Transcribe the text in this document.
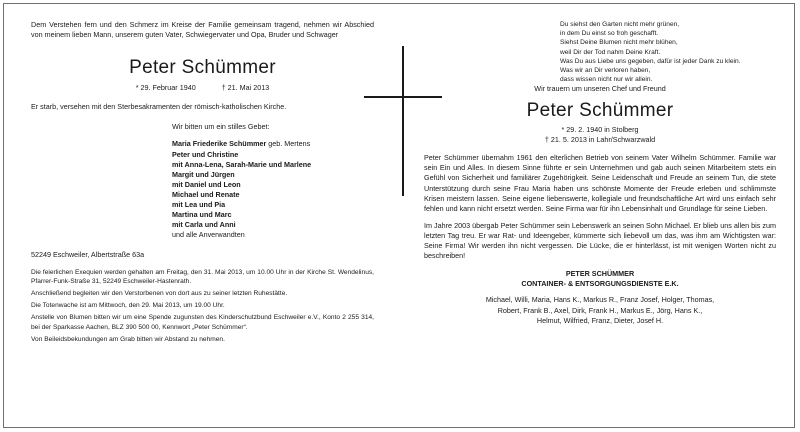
Dem Verstehen fern und den Schmerz im Kreise der Familie gemeinsam tragend, nehmen wir Abschied von meinem lieben Mann, unserem guten Vater, Schwiegervater und Opa, Bruder und Schwager

Peter Schümmer

* 29. Februar 1940	† 21. Mai 2013

Er starb, versehen mit den Sterbesakramenten der römisch-katholischen Kirche.

Wir bitten um ein stilles Gebet:

Maria Friederike Schümmer geb. Mertens
Peter und Christine
mit Anna-Lena, Sarah-Marie und Marlene
Margit und Jürgen
mit Daniel und Leon
Michael und Renate
mit Lea und Pia
Martina und Marc
mit Carla und Anni
und alle Anverwandten

52249 Eschweiler, Albertstraße 63a

Die feierlichen Exequien werden gehalten am Freitag, den 31. Mai 2013, um 10.00 Uhr in der Kirche St. Wendelinus, Pfarrer-Funk-Straße 31, 52249 Eschweiler-Hastenrath.

Anschließend begleiten wir den Verstorbenen von dort aus zu seiner letzten Ruhestätte.

Die Totenwache ist am Mittwoch, den 29. Mai 2013, um 19.00 Uhr.

Anstelle von Blumen bitten wir um eine Spende zugunsten des Kinderschutzbund Eschweiler e.V., Konto 2 255 314, bei der Sparkasse Aachen, BLZ 390 500 00, Kennwort „Peter Schümmer“.

Von Beileidsbekundungen am Grab bitten wir Abstand zu nehmen.

Du siehst den Garten nicht mehr grünen,
in dem Du einst so froh geschafft.
Siehst Deine Blumen nicht mehr blühen,
weil Dir der Tod nahm Deine Kraft.
Was Du aus Liebe uns gegeben, dafür ist jeder Dank zu klein.
Was wir an Dir verloren haben,
dass wissen nicht nur wir allein.

Wir trauern um unseren Chef und Freund

Peter Schümmer

* 29. 2. 1940 in Stolberg

† 21. 5. 2013 in Lahr/Schwarzwald

Peter Schümmer übernahm 1961 den elterlichen Betrieb von seinem Vater Wilhelm Schümmer. Familie war sein Ein und Alles. In diesem Sinne führte er sein Unternehmen und gab auch seinen Mitarbeitern stets ein Gefühl von Sicherheit und familiärer Zugehörigkeit. Seine Leidenschaft und Freude an seinem Tun, die stete Unterstützung durch seine Frau Maria haben uns schönste Momente der Freude erleben und schlimmste Krisen meistern lassen. Seine eigene liebenswerte, kollegiale und freundschaftliche Art wird uns einfach sehr fehlen und kann nicht ersetzt werden. Seine Firma war für ihn Lebensinhalt und Grundlage für seine Lieben.

Im Jahre 2003 übergab Peter Schümmer sein Lebenswerk an seinen Sohn Michael. Er blieb uns allen bis zum letzten Tag treu. Er war Rat- und Ideengeber, kümmerte sich liebevoll um das, was ihm am Wichtigsten war: Seine Firma! Wir werden ihn nicht vergessen. Die Lücke, die er hinterlässt, ist mit wenigen Worten nicht zu beschreiben!

PETER SCHÜMMER

CONTAINER- & ENTSORGUNGSDIENSTE E.K.

Michael, Willi, Maria, Hans K., Markus R., Franz Josef, Holger, Thomas,
Robert, Frank B., Axel, Dirk, Frank H., Markus E., Jörg, Hans K.,
Helmut, Wilfried, Franz, Dieter, Josef H.
